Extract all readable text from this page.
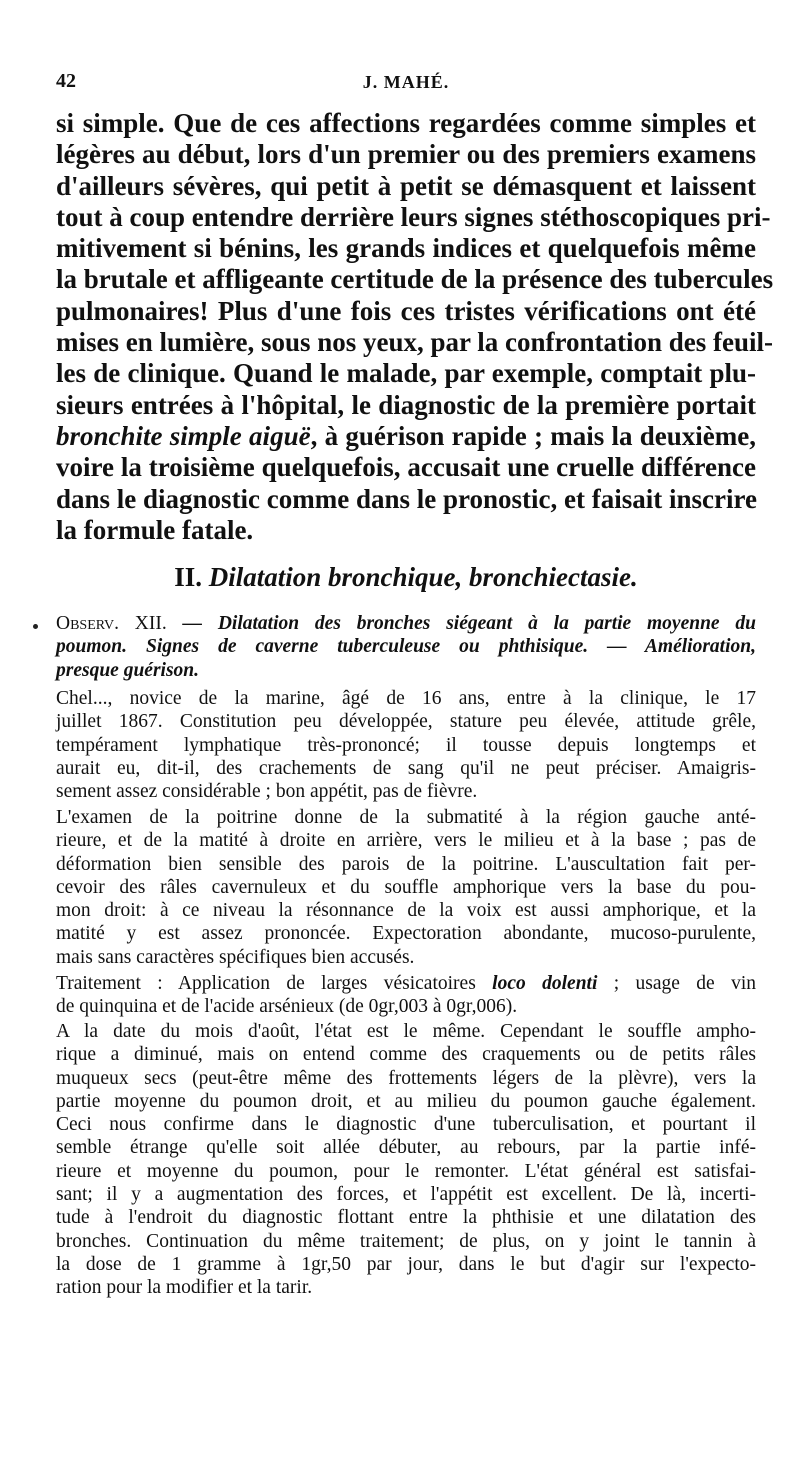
42	J. MAHÉ.
si simple. Que de ces affections regardées comme simples et
légères au début, lors d'un premier ou des premiers examens
d'ailleurs sévères, qui petit à petit se démasquent et laissent
tout à coup entendre derrière leurs signes stéthoscopiques pri-
mitivement si bénins, les grands indices et quelquefois même
la brutale et affligeante certitude de la présence des tubercules
pulmonaires! Plus d'une fois ces tristes vérifications ont été
mises en lumière, sous nos yeux, par la confrontation des feuil-
les de clinique. Quand le malade, par exemple, comptait plu-
sieurs entrées à l'hôpital, le diagnostic de la première portait
bronchite simple aiguë, à guérison rapide ; mais la deuxième,
voire la troisième quelquefois, accusait une cruelle différence
dans le diagnostic comme dans le pronostic, et faisait inscrire
la formule fatale.
II. Dilatation bronchique, bronchiectasie.
Observ. XII. — Dilatation des bronches siégeant à la partie moyenne du
poumon. Signes de caverne tuberculeuse ou phthisique. — Amélioration,
presque guérison.
Chel..., novice de la marine, âgé de 16 ans, entre à la clinique, le 17
juillet 1867. Constitution peu développée, stature peu élevée, attitude grêle,
tempérament lymphatique très-prononcé; il tousse depuis longtemps et
aurait eu, dit-il, des crachements de sang qu'il ne peut préciser. Amaigris-
sement assez considérable ; bon appétit, pas de fièvre.
L'examen de la poitrine donne de la submatité à la région gauche anté-
rieure, et de la matité à droite en arrière, vers le milieu et à la base ; pas de
déformation bien sensible des parois de la poitrine. L'auscultation fait per-
cevoir des râles cavernuleux et du souffle amphorique vers la base du pou-
mon droit: à ce niveau la résonnance de la voix est aussi amphorique, et la
matité y est assez prononcée. Expectoration abondante, mucoso-purulente,
mais sans caractères spécifiques bien accusés.
Traitement : Application de larges vésicatoires loco dolenti ; usage de vin
de quinquina et de l'acide arsénieux (de 0gr,003 à 0gr,006).
A la date du mois d'août, l'état est le même. Cependant le souffle ampho-
rique a diminué, mais on entend comme des craquements ou de petits râles
muqueux secs (peut-être même des frottements légers de la plèvre), vers la
partie moyenne du poumon droit, et au milieu du poumon gauche également.
Ceci nous confirme dans le diagnostic d'une tuberculisation, et pourtant il
semble étrange qu'elle soit allée débuter, au rebours, par la partie infé-
rieure et moyenne du poumon, pour le remonter. L'état général est satisfai-
sant; il y a augmentation des forces, et l'appétit est excellent. De là, incerti-
tude à l'endroit du diagnostic flottant entre la phthisie et une dilatation des
bronches. Continuation du même traitement; de plus, on y joint le tannin à
la dose de 1 gramme à 1gr,50 par jour, dans le but d'agir sur l'expecto-
ration pour la modifier et la tarir.
